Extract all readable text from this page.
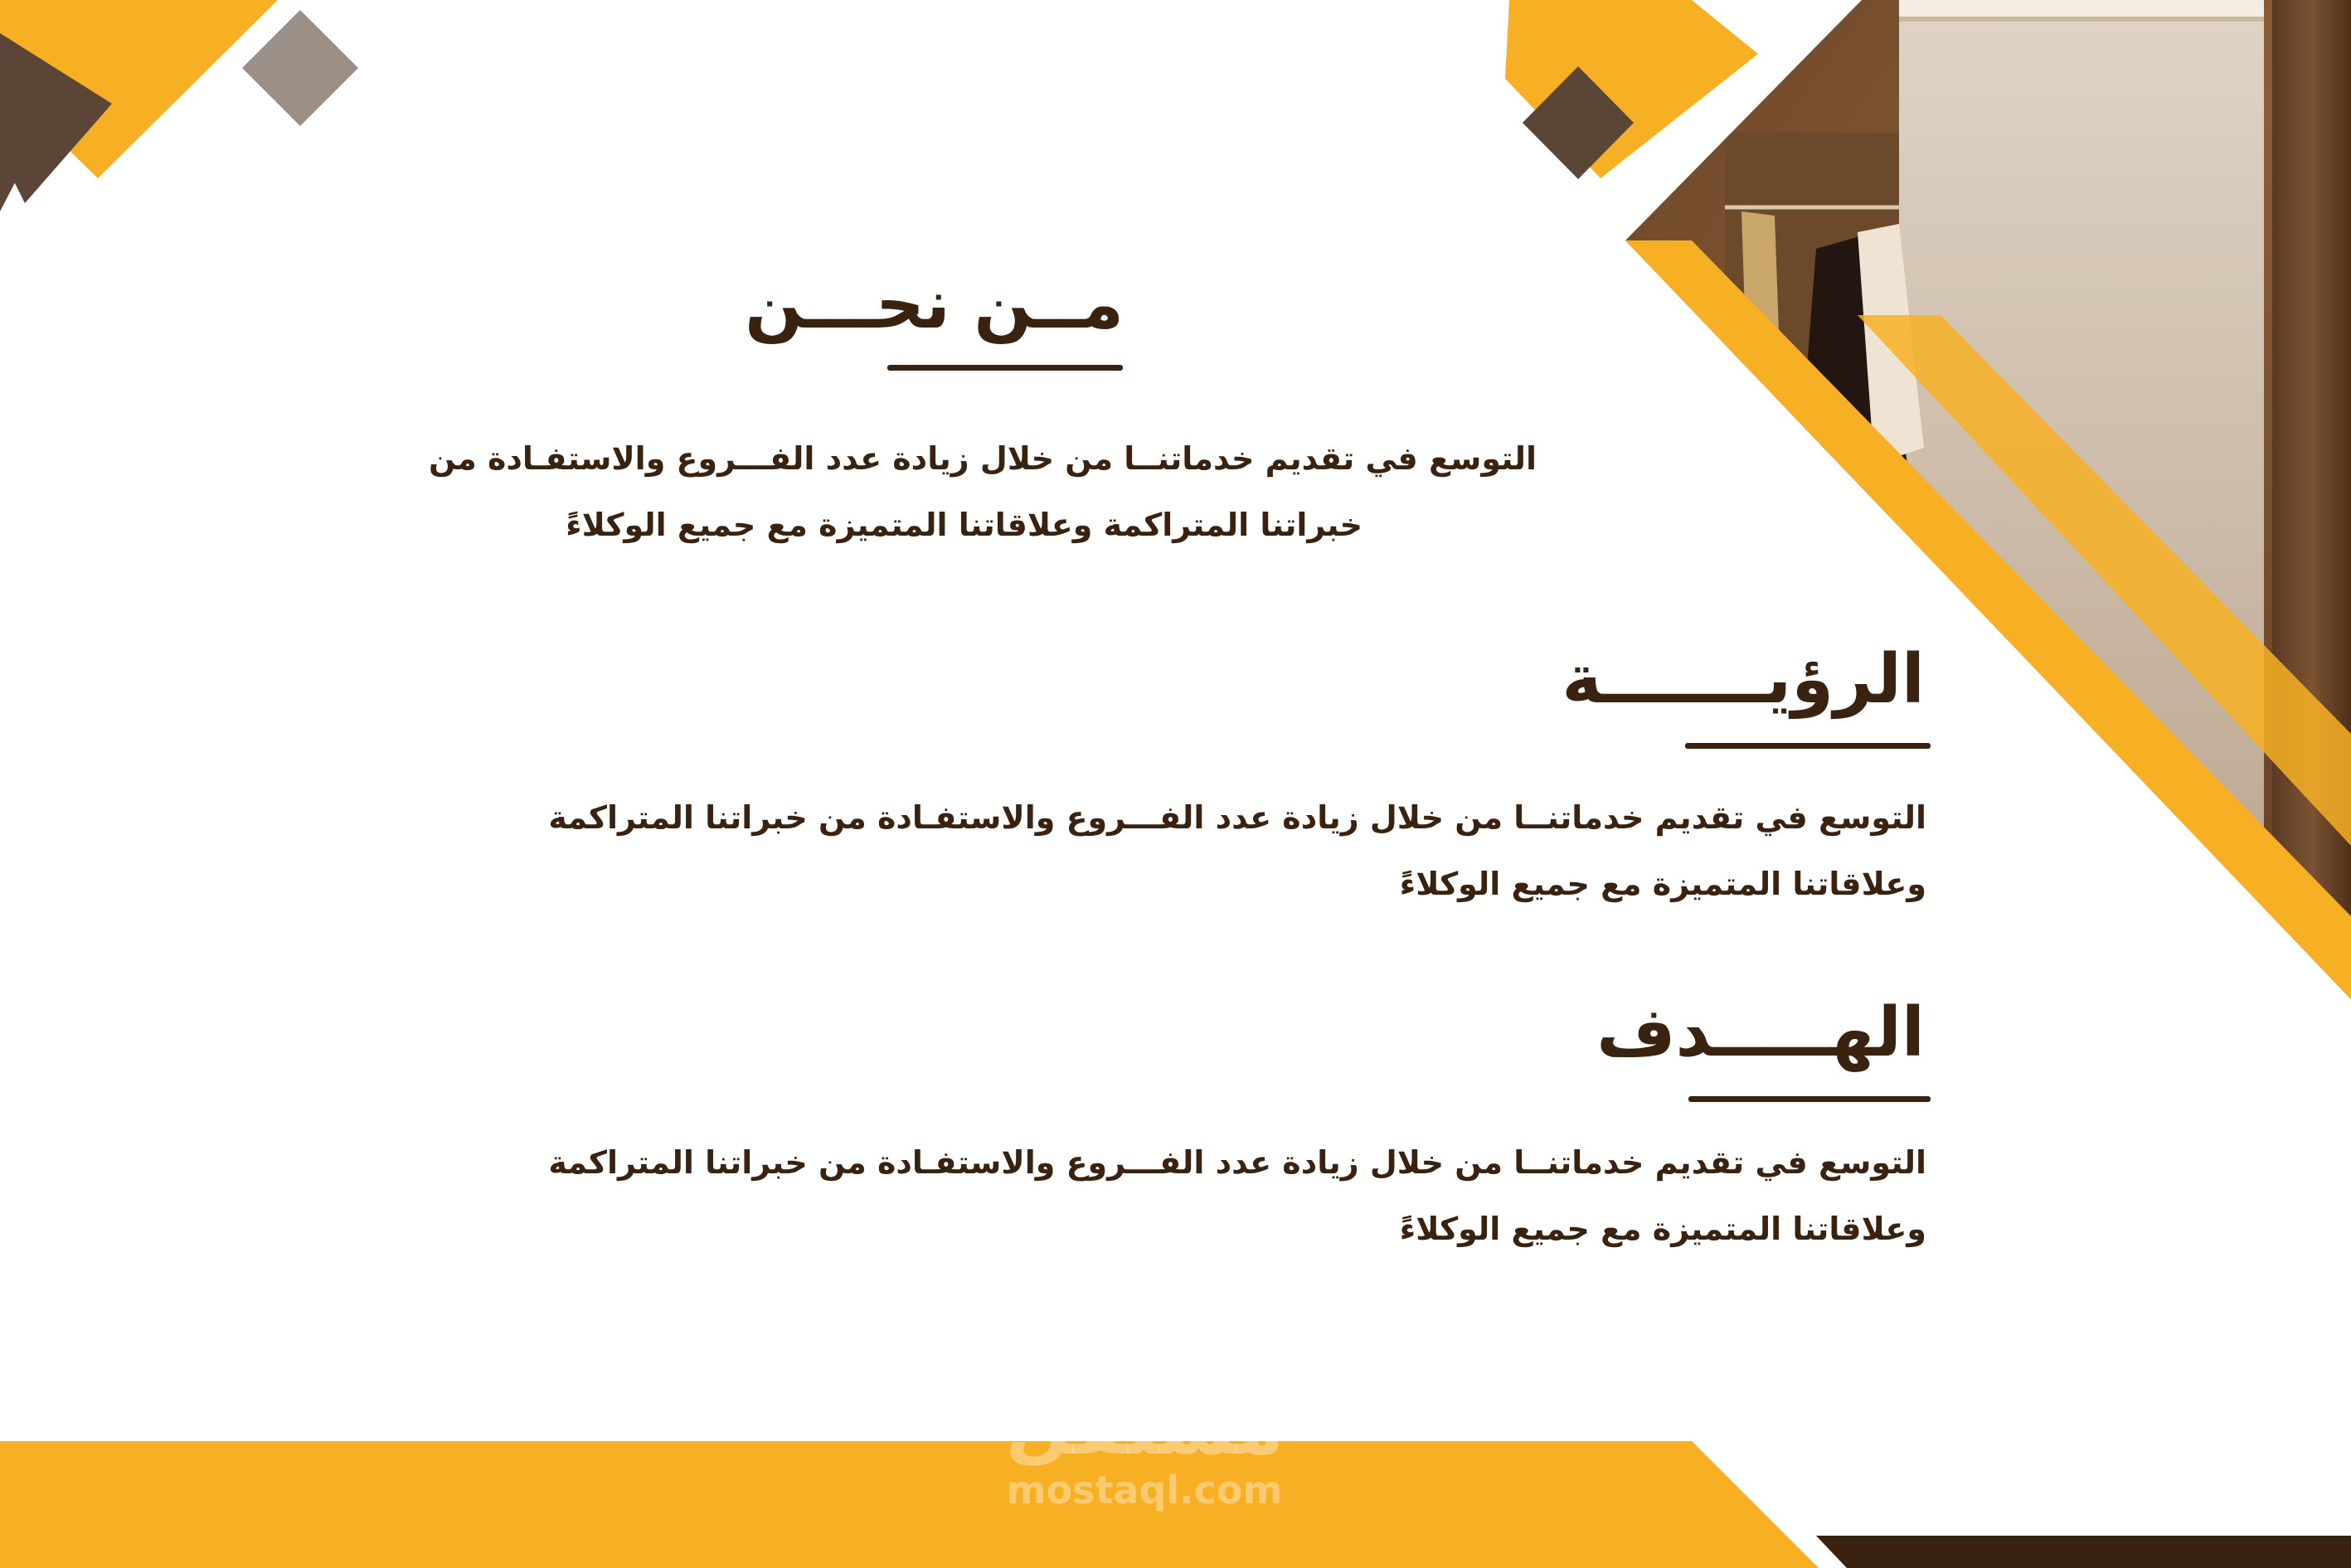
مــن نحـــن
التوسع في تقديم خدماتنــا من خلال زيادة عدد الفـــروع والاستفـادة من
خبراتنا المتراكمة وعلاقاتنا المتميزة مع جميع الوكلاءً
الرؤيـــــــة
التوسع في تقديم خدماتنــا من خلال زيادة عدد الفـــروع والاستفـادة من خبراتنا المتراكمة
وعلاقاتنا المتميزة مع جميع الوكلاءً
الهـــــدف
التوسع في تقديم خدماتنــا من خلال زيادة عدد الفـــروع والاستفـادة من خبراتنا المتراكمة
وعلاقاتنا المتميزة مع جميع الوكلاءً
مستقل
mostaql.com
